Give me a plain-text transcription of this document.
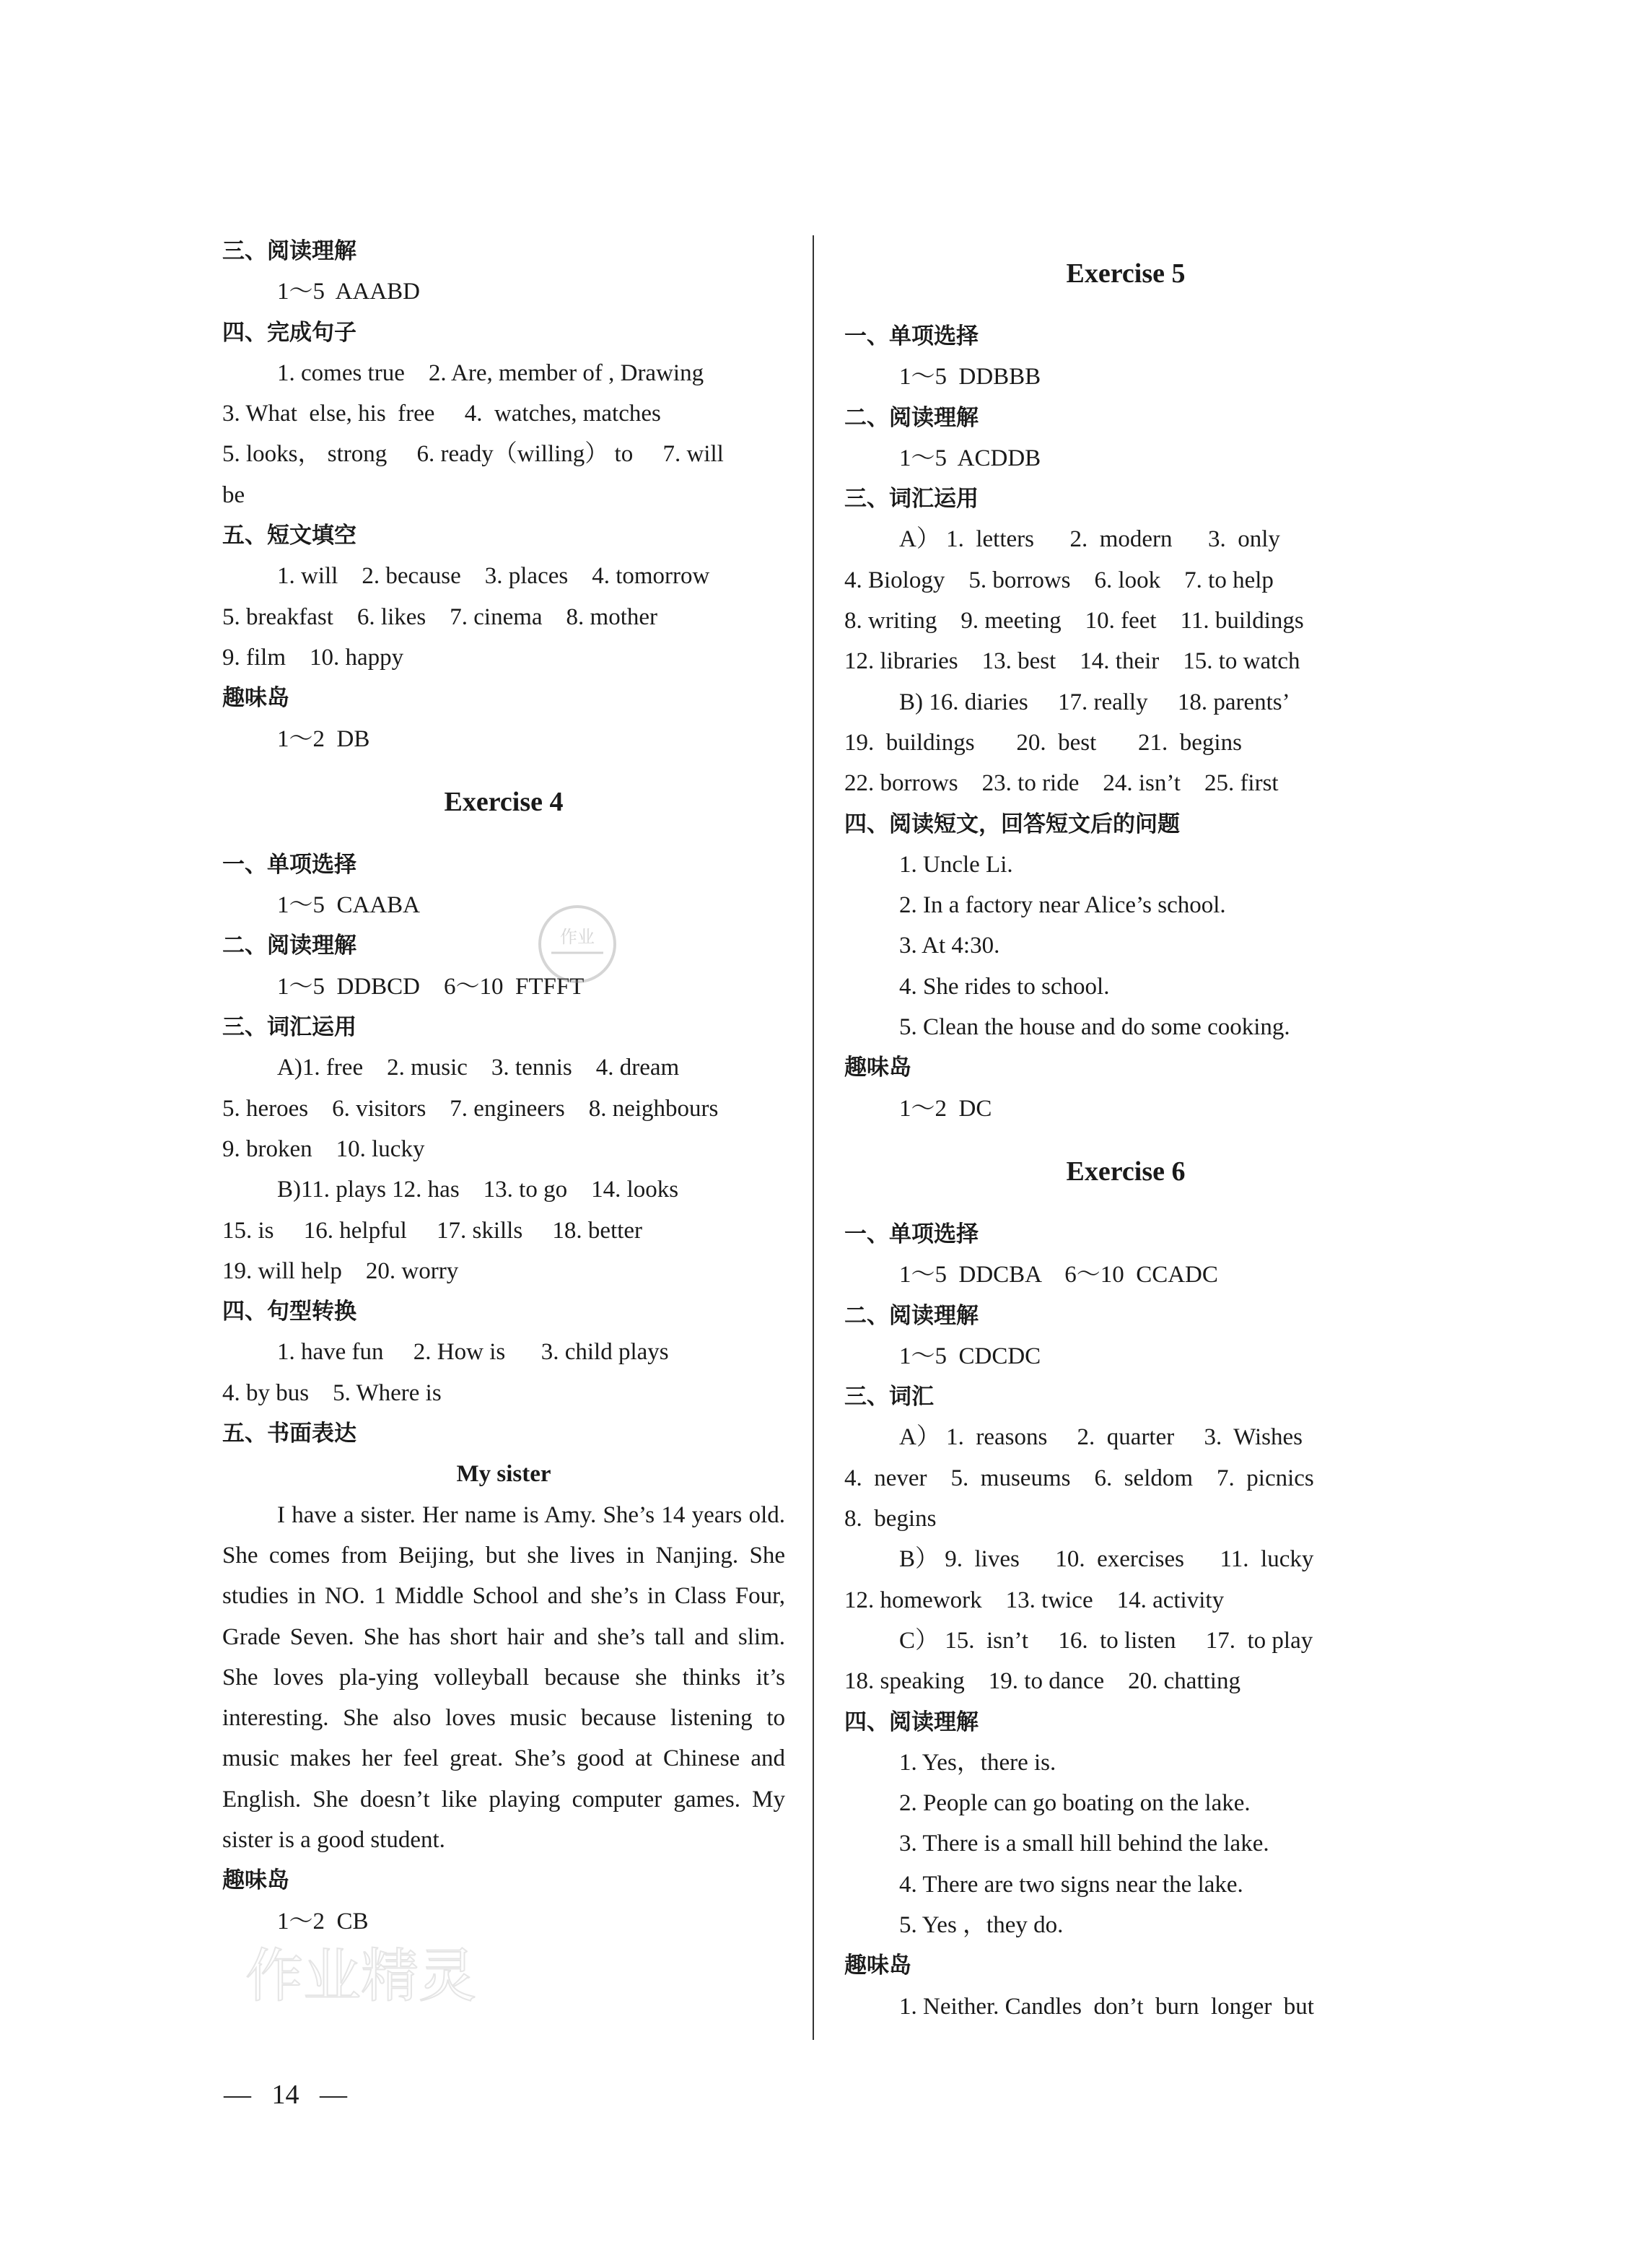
三、阅读理解
1～5  AAABD
四、完成句子
1. comes true    2. Are, member of , Drawing
3. What  else, his  free     4.  watches, matches
5. looks， strong     6. ready（willing） to     7. will
be
五、短文填空
1. will    2. because    3. places    4. tomorrow
5. breakfast    6. likes    7. cinema    8. mother
9. film    10. happy
趣味岛
1～2  DB
Exercise 4
一、单项选择
1～5  CAABA
二、阅读理解
1～5  DDBCD    6～10  FTFFT
三、词汇运用
A)1. free    2. music    3. tennis    4. dream
5. heroes    6. visitors    7. engineers    8. neighbours
9. broken    10. lucky
B)11. plays 12. has    13. to go    14. looks
15. is     16. helpful     17. skills     18. better
19. will help    20. worry
四、句型转换
1. have fun     2. How is      3. child plays
4. by bus    5. Where is
五、书面表达
My sister
I have a sister. Her name is Amy. She’s 14 years old. She comes from Beijing, but she lives in Nanjing. She studies in NO. 1 Middle School and she’s in Class Four, Grade Seven. She has short hair and she’s tall and slim. She loves pla-ying volleyball because she thinks it’s interesting. She also loves music because listening to music makes her feel great. She’s good at Chinese and English. She doesn’t like playing computer games. My sister is a good student.
趣味岛
1～2  CB
Exercise 5
一、单项选择
1～5  DDBBB
二、阅读理解
1～5  ACDDB
三、词汇运用
A） 1.  letters      2.  modern      3.  only
4. Biology    5. borrows    6. look    7. to help
8. writing    9. meeting    10. feet    11. buildings
12. libraries    13. best    14. their    15. to watch
B) 16. diaries     17. really     18. parents’
19.  buildings       20.  best       21.  begins
22. borrows    23. to ride    24. isn’t    25. first
四、阅读短文，回答短文后的问题
1. Uncle Li.
2. In a factory near Alice’s school.
3. At 4:30.
4. She rides to school.
5. Clean the house and do some cooking.
趣味岛
1～2  DC
Exercise 6
一、单项选择
1～5  DDCBA    6～10  CCADC
二、阅读理解
1～5  CDCDC
三、词汇
A） 1.  reasons     2.  quarter     3.  Wishes
4.  never    5.  museums    6.  seldom    7.  picnics
8.  begins
B） 9.  lives      10.  exercises      11.  lucky
12. homework    13. twice    14. activity
C） 15.  isn’t     16.  to listen     17.  to play
18. speaking    19. to dance    20. chatting
四、阅读理解
1. Yes，there is.
2. People can go boating on the lake.
3. There is a small hill behind the lake.
4. There are two signs near the lake.
5. Yes ，they do.
趣味岛
1. Neither. Candles  don’t  burn  longer  but
作业
作业精灵
—   14   —
